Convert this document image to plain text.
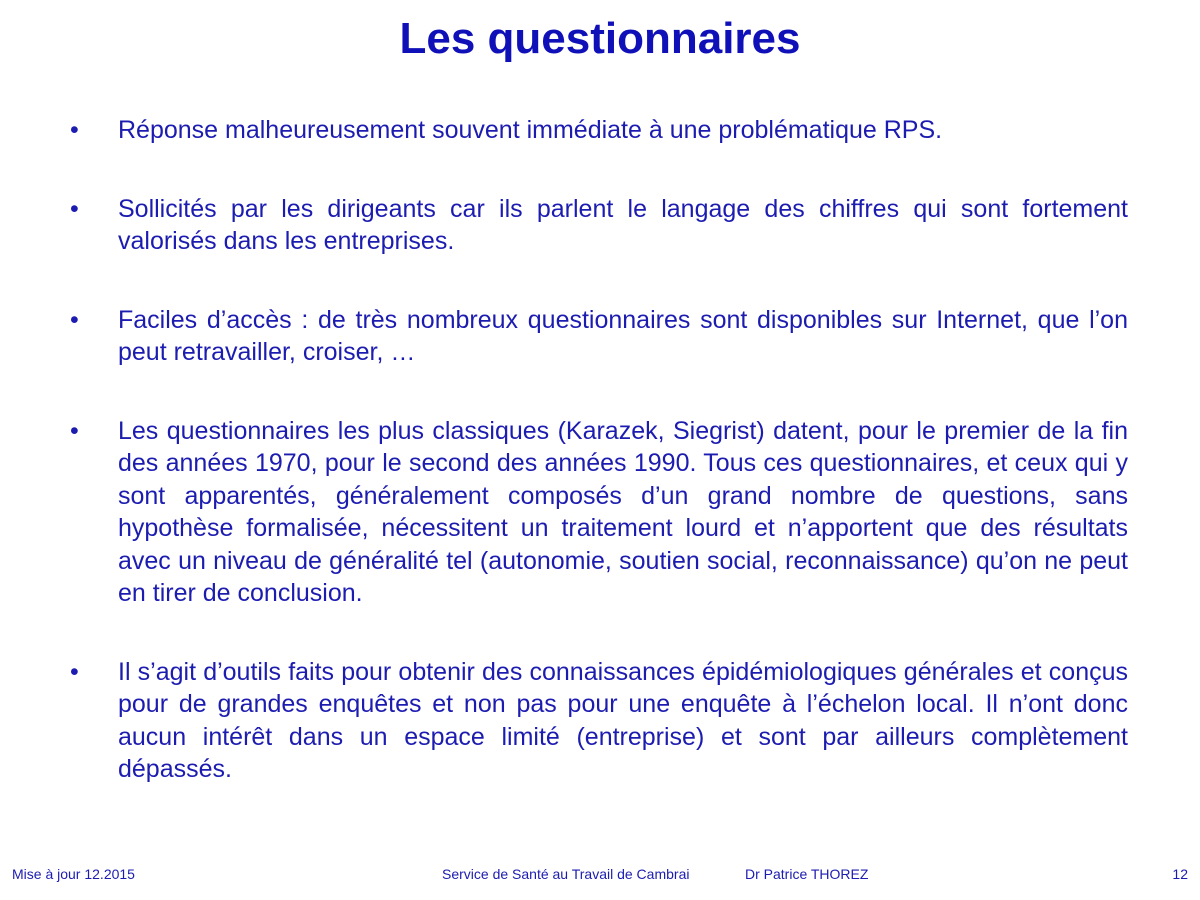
Les questionnaires
•	Réponse malheureusement souvent immédiate à une problématique RPS.
•	Sollicités par les dirigeants car ils parlent le langage des chiffres qui sont fortement valorisés dans les entreprises.
•	Faciles d’accès : de très nombreux questionnaires sont disponibles sur Internet, que l’on peut retravailler, croiser, …
•	Les questionnaires les plus classiques (Karazek, Siegrist) datent, pour le premier de la fin des années 1970, pour le second des années 1990. Tous ces questionnaires, et ceux qui y sont apparentés, généralement composés d’un grand nombre de questions, sans hypothèse formalisée, nécessitent un traitement lourd et n’apportent que des résultats avec un niveau de généralité tel (autonomie, soutien social, reconnaissance) qu’on ne peut en tirer de conclusion.
•	Il s’agit d’outils faits pour obtenir des connaissances épidémiologiques générales et conçus pour de grandes enquêtes et non pas pour une enquête à l’échelon local. Il n’ont donc aucun intérêt dans un espace limité (entreprise) et sont par ailleurs complètement dépassés.
Mise à jour 12.2015	Service de Santé au Travail de Cambrai	Dr Patrice THOREZ	12
